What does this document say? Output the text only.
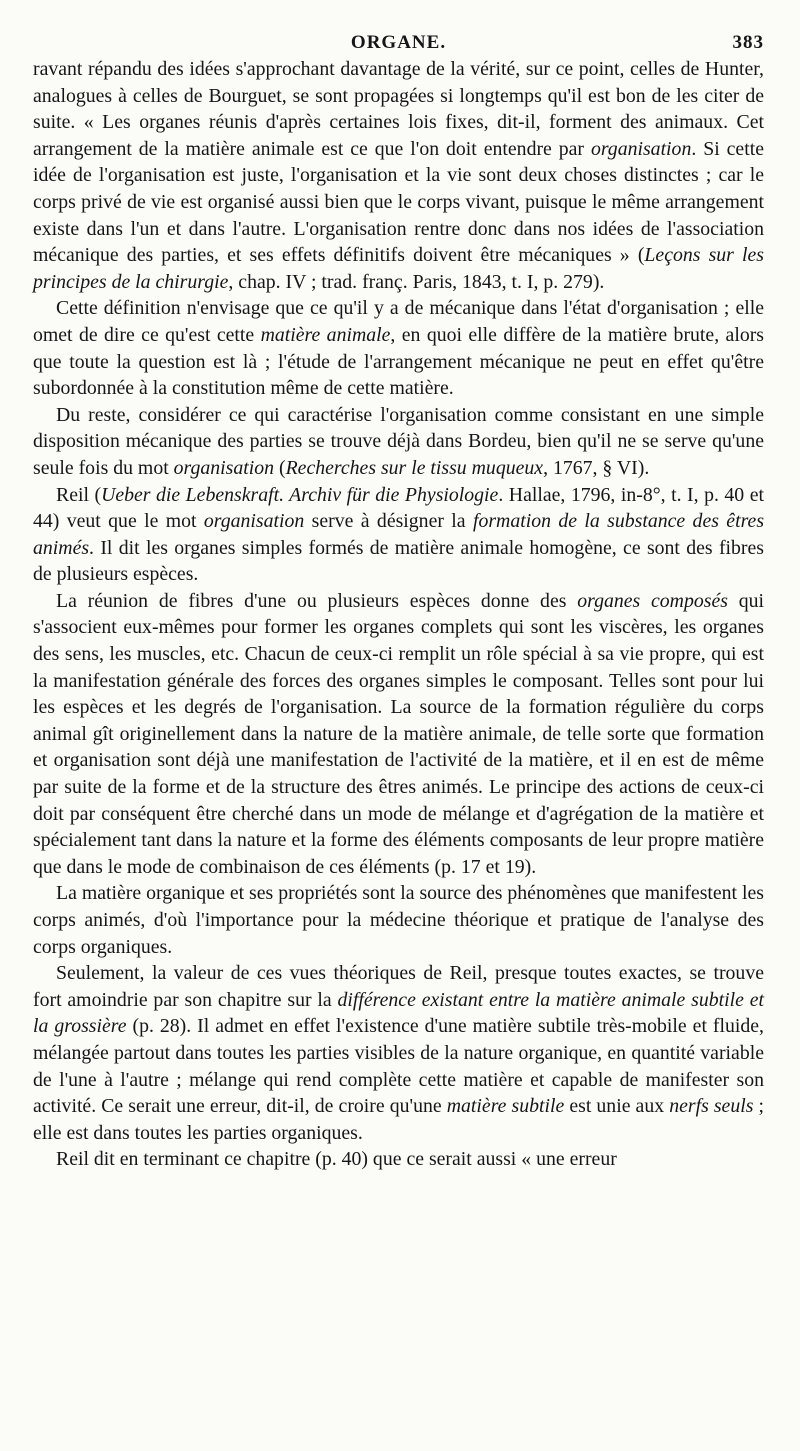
ORGANE.	383

ravant répandu des idées s'approchant davantage de la vérité, sur ce point, celles de Hunter, analogues à celles de Bourguet, se sont propagées si longtemps qu'il est bon de les citer de suite. « Les organes réunis d'après certaines lois fixes, dit-il, forment des animaux. Cet arrangement de la matière animale est ce que l'on doit entendre par organisation. Si cette idée de l'organisation est juste, l'organisation et la vie sont deux choses distinctes ; car le corps privé de vie est organisé aussi bien que le corps vivant, puisque le même arrangement existe dans l'un et dans l'autre. L'organisation rentre donc dans nos idées de l'association mécanique des parties, et ses effets définitifs doivent être mécaniques » (Leçons sur les principes de la chirurgie, chap. IV ; trad. franç. Paris, 1843, t. I, p. 279).

Cette définition n'envisage que ce qu'il y a de mécanique dans l'état d'organisation ; elle omet de dire ce qu'est cette matière animale, en quoi elle diffère de la matière brute, alors que toute la question est là ; l'étude de l'arrangement mécanique ne peut en effet qu'être subordonnée à la constitution même de cette matière.

Du reste, considérer ce qui caractérise l'organisation comme consistant en une simple disposition mécanique des parties se trouve déjà dans Bordeu, bien qu'il ne se serve qu'une seule fois du mot organisation (Recherches sur le tissu muqueux, 1767, § VI).

Reil (Ueber die Lebenskraft. Archiv für die Physiologie. Hallae, 1796, in-8°, t. I, p. 40 et 44) veut que le mot organisation serve à désigner la formation de la substance des êtres animés. Il dit les organes simples formés de matière animale homogène, ce sont des fibres de plusieurs espèces.

La réunion de fibres d'une ou plusieurs espèces donne des organes composés qui s'associent eux-mêmes pour former les organes complets qui sont les viscères, les organes des sens, les muscles, etc. Chacun de ceux-ci remplit un rôle spécial à sa vie propre, qui est la manifestation générale des forces des organes simples le composant. Telles sont pour lui les espèces et les degrés de l'organisation. La source de la formation régulière du corps animal gît originellement dans la nature de la matière animale, de telle sorte que formation et organisation sont déjà une manifestation de l'activité de la matière, et il en est de même par suite de la forme et de la structure des êtres animés. Le principe des actions de ceux-ci doit par conséquent être cherché dans un mode de mélange et d'agrégation de la matière et spécialement tant dans la nature et la forme des éléments composants de leur propre matière que dans le mode de combinaison de ces éléments (p. 17 et 19).

La matière organique et ses propriétés sont la source des phénomènes que manifestent les corps animés, d'où l'importance pour la médecine théorique et pratique de l'analyse des corps organiques.

Seulement, la valeur de ces vues théoriques de Reil, presque toutes exactes, se trouve fort amoindrie par son chapitre sur la différence existant entre la matière animale subtile et la grossière (p. 28). Il admet en effet l'existence d'une matière subtile très-mobile et fluide, mélangée partout dans toutes les parties visibles de la nature organique, en quantité variable de l'une à l'autre ; mélange qui rend complète cette matière et capable de manifester son activité. Ce serait une erreur, dit-il, de croire qu'une matière subtile est unie aux nerfs seuls ; elle est dans toutes les parties organiques.

Reil dit en terminant ce chapitre (p. 40) que ce serait aussi « une erreur
